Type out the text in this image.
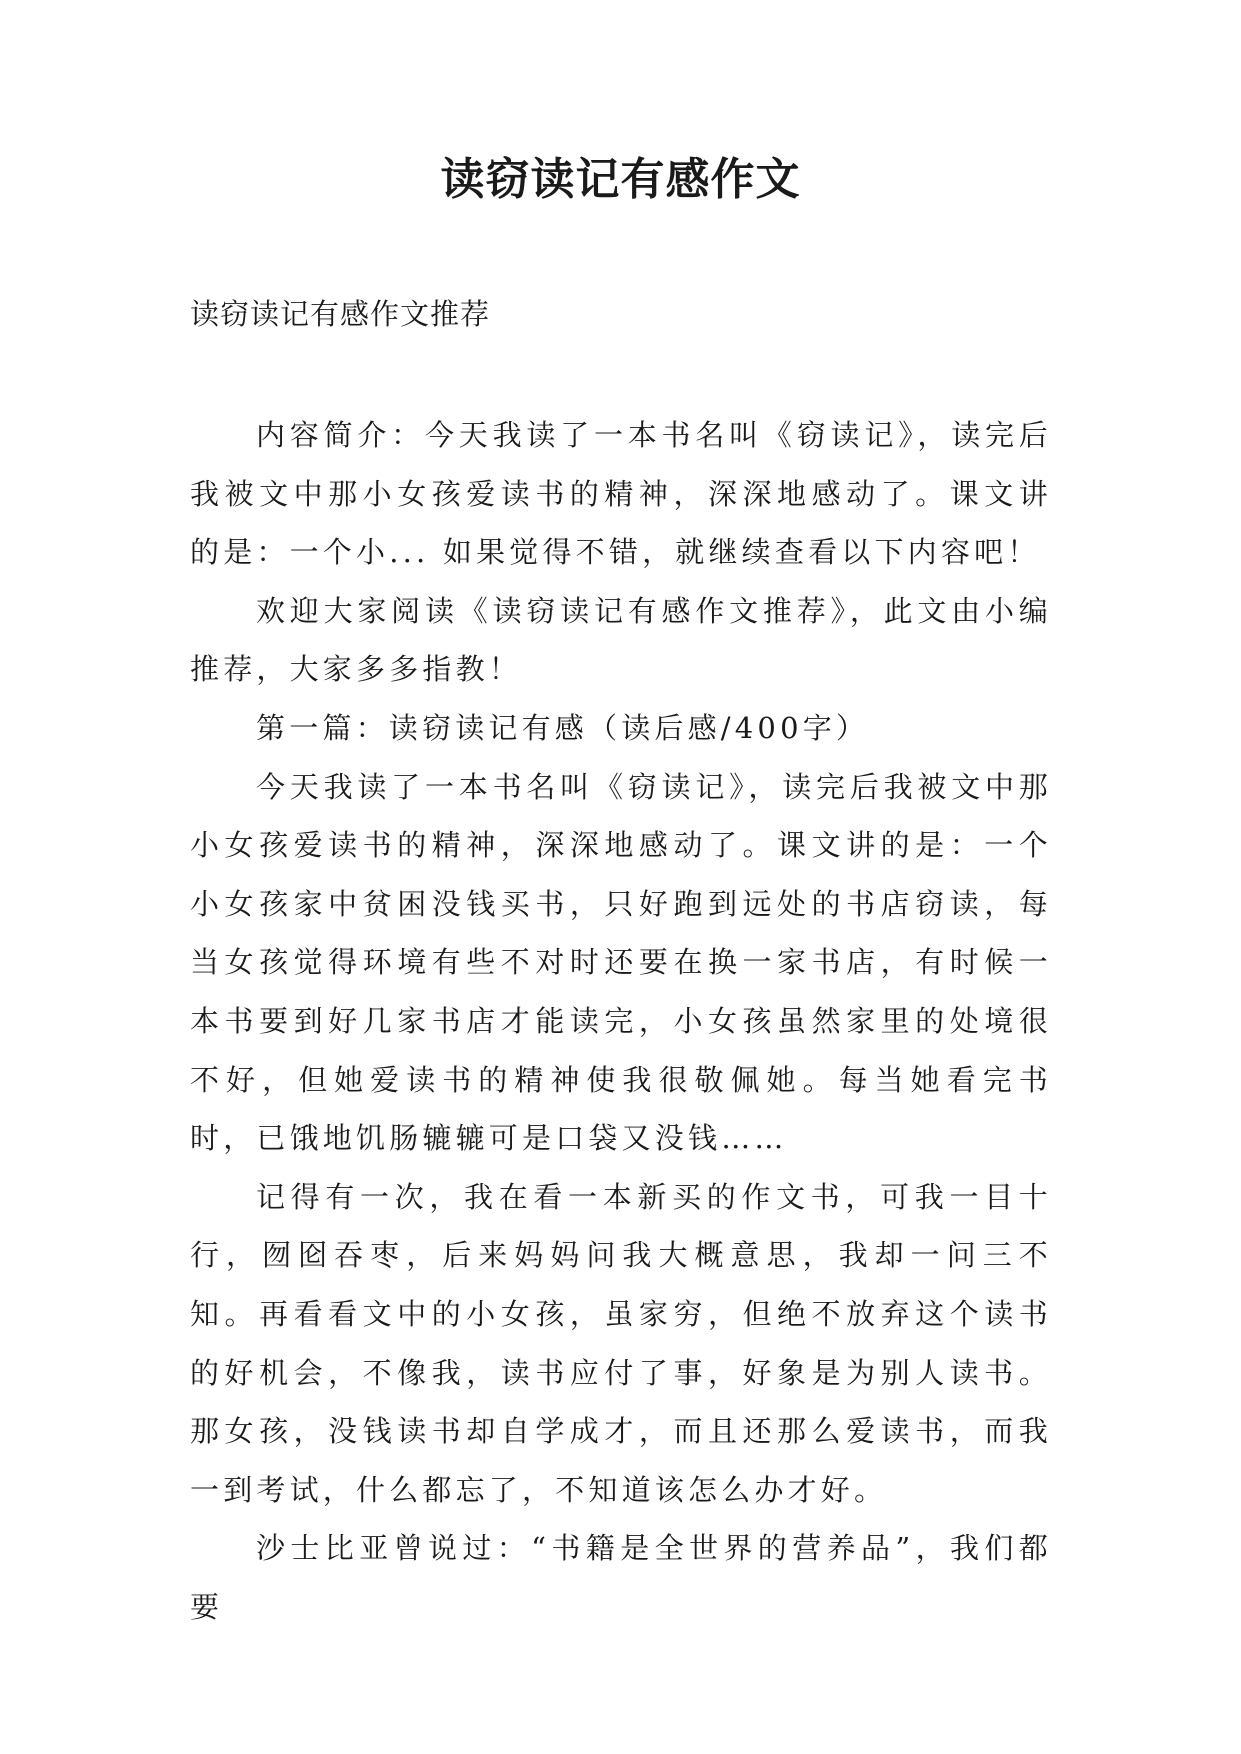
读窃读记有感作文
读窃读记有感作文推荐

内容简介：今天我读了一本书名叫《窃读记》，读完后我被文中那小女孩爱读书的精神，深深地感动了。课文讲的是：一个小... 如果觉得不错，就继续查看以下内容吧！

欢迎大家阅读《读窃读记有感作文推荐》，此文由小编推荐，大家多多指教！

第一篇：读窃读记有感（读后感/400字）

今天我读了一本书名叫《窃读记》，读完后我被文中那小女孩爱读书的精神，深深地感动了。课文讲的是：一个小女孩家中贫困没钱买书，只好跑到远处的书店窃读，每当女孩觉得环境有些不对时还要在换一家书店，有时候一本书要到好几家书店才能读完，小女孩虽然家里的处境很不好，但她爱读书的精神使我很敬佩她。每当她看完书时，已饿地饥肠辘辘可是口袋又没钱……

记得有一次，我在看一本新买的作文书，可我一目十行，囫囵吞枣，后来妈妈问我大概意思，我却一问三不知。再看看文中的小女孩，虽家穷，但绝不放弃这个读书的好机会，不像我，读书应付了事，好象是为别人读书。那女孩，没钱读书却自学成才，而且还那么爱读书，而我一到考试，什么都忘了，不知道该怎么办才好。

沙士比亚曾说过：“书籍是全世界的营养品”，我们都要
